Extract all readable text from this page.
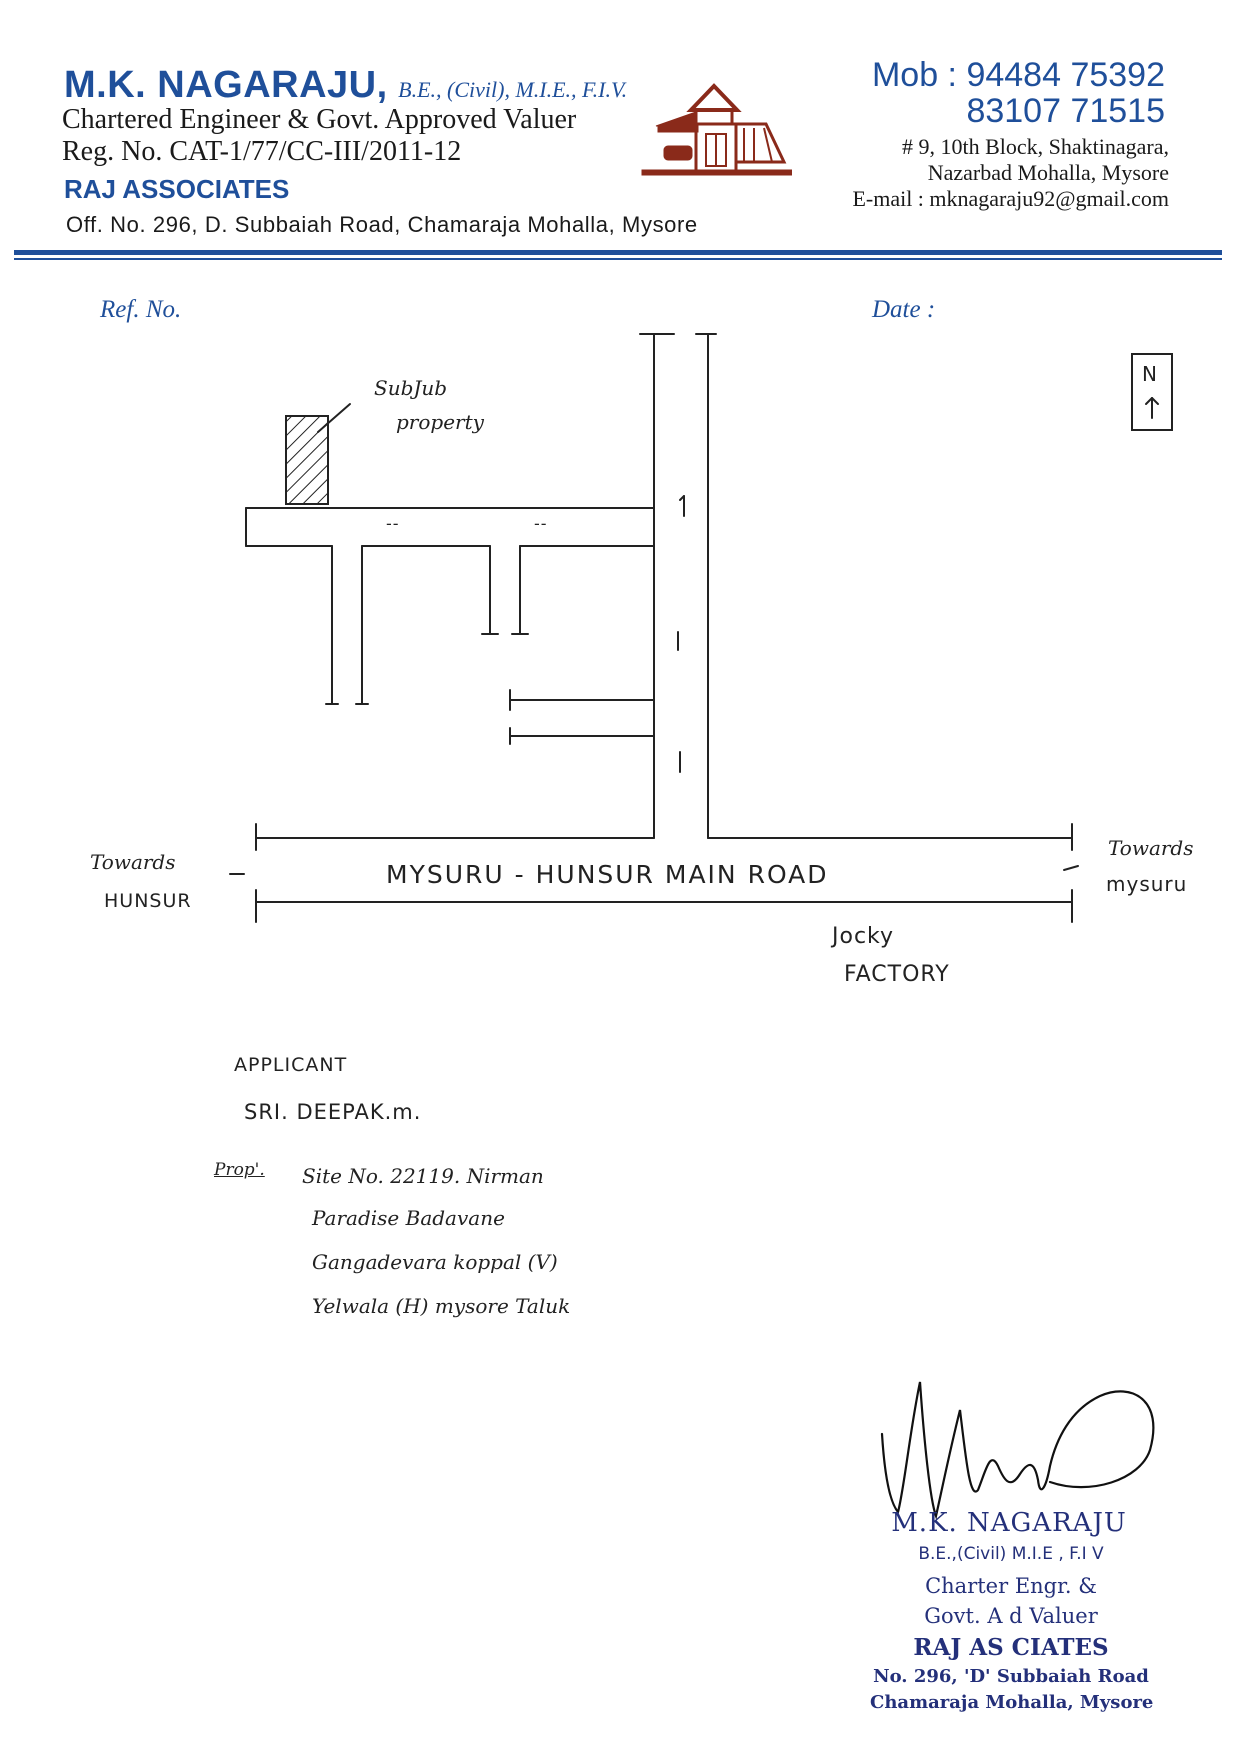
M.K. NAGARAJU, B.E., (Civil), M.I.E., F.I.V.
Chartered Engineer & Govt. Approved Valuer
Reg. No. CAT-1/77/CC-III/2011-12
RAJ ASSOCIATES
Off. No. 296, D. Subbaiah Road, Chamaraja Mohalla, Mysore
Mob : 94484 75392
83107 71515
# 9, 10th Block, Shaktinagara,
Nazarbad Mohalla, Mysore
E-mail : mknagaraju92@gmail.com
Ref. No.	Date :
SubJub
property
N
--	--
MYSURU - HUNSUR MAIN ROAD
Towards
HUNSUR
Towards
mysuru
Jocky
FACTORY
APPLICANT
SRI. DEEPAK.m.
Prop'. Site No. 22119. Nirman
Paradise Badavane
Gangadevara koppal (V)
Yelwala (H) mysore Taluk
M.K. NAGARAJU
B.E.,(Civil) M.I.E , F.I V
Charter Engr. &
Govt. A d Valuer
RAJ AS CIATES
No. 296, 'D' Subbaiah Road
Chamaraja Mohalla, Mysore
